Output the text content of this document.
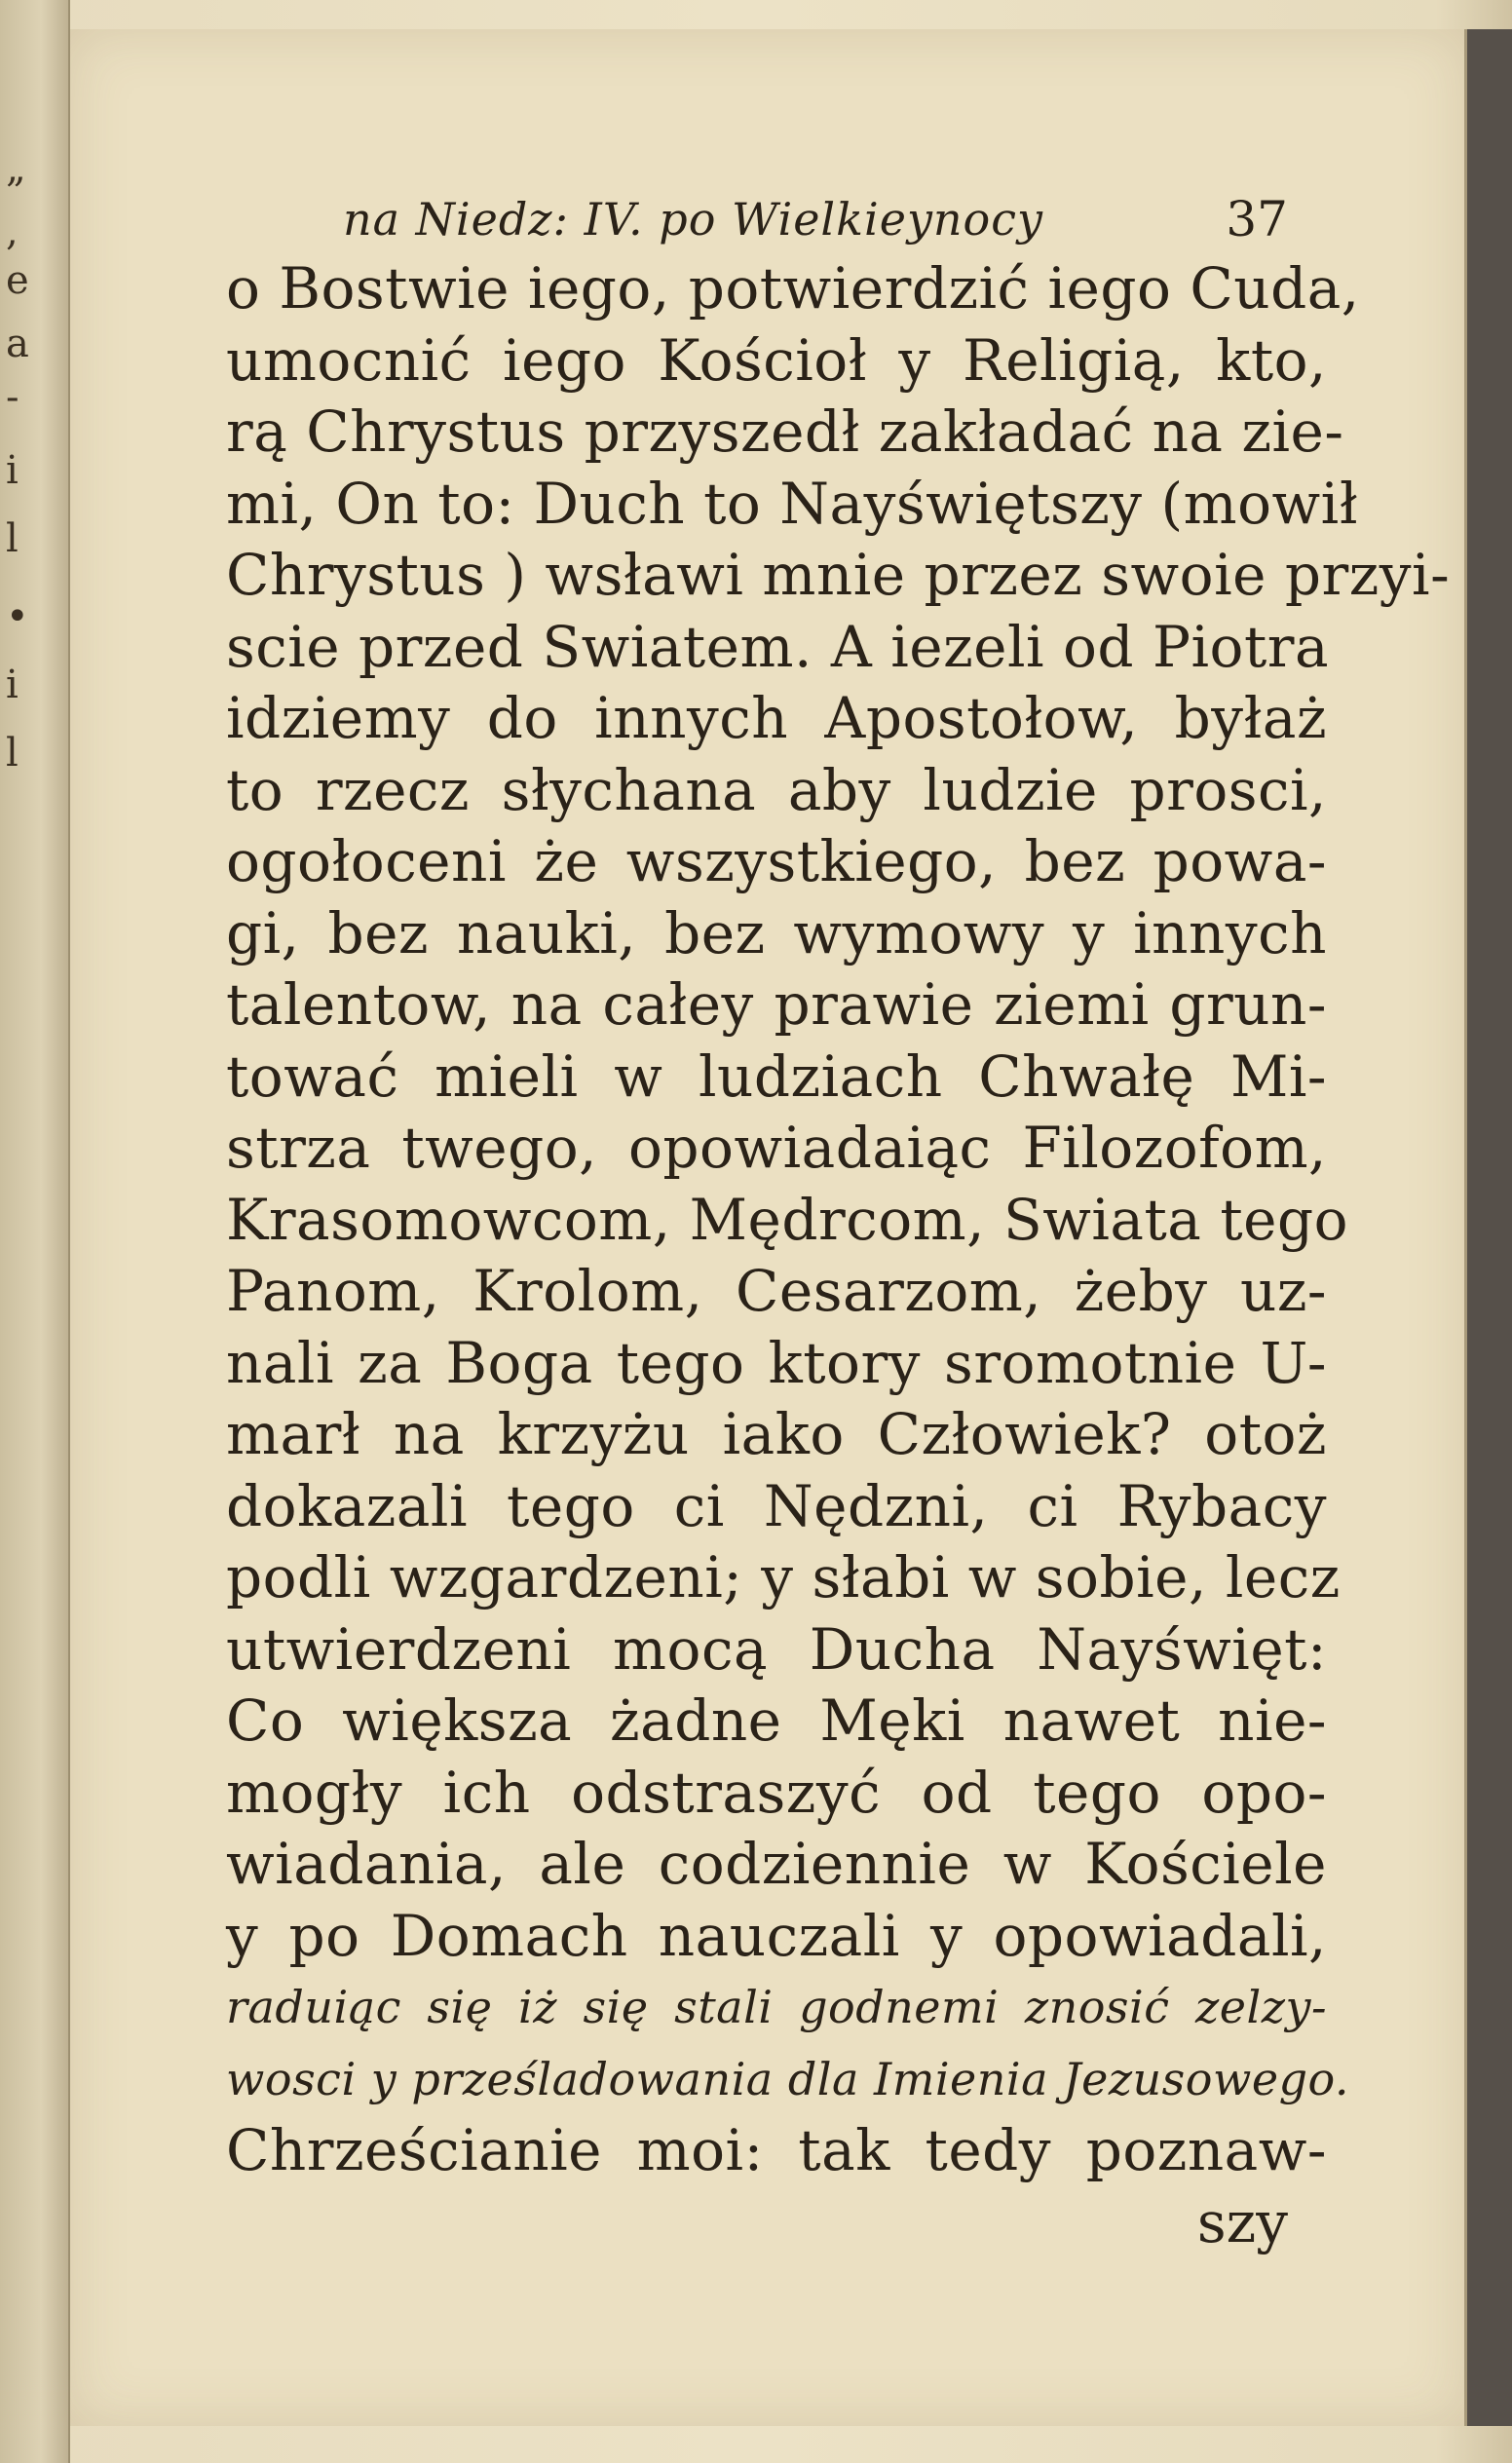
„
,
e
a
-
i
l
•
i
l
na Niedz: IV. po Wielkieynocy	37
o Bostwie iego, potwierdzić iego Cuda,
umocnić iego Kościoł y Religią, kto,
rą Chrystus przyszedł zakładać na zie-
mi, On to: Duch to Nayświętszy (mowił
Chrystus ) wsławi mnie przez swoie przyi-
scie przed Swiatem. A iezeli od Piotra
idziemy do innych Apostołow, byłaż
to rzecz słychana aby ludzie prosci,
ogołoceni że wszystkiego, bez powa-
gi, bez nauki, bez wymowy y innych
talentow, na całey prawie ziemi grun-
tować mieli w ludziach Chwałę Mi-
strza twego, opowiadaiąc Filozofom,
Krasomowcom, Mędrcom, Swiata tego
Panom, Krolom, Cesarzom, żeby uz-
nali za Boga tego ktory sromotnie U-
marł na krzyżu iako Człowiek? otoż
dokazali tego ci Nędzni, ci Rybacy
podli wzgardzeni; y słabi w sobie, lecz
utwierdzeni mocą Ducha Nayświęt:
Co większa żadne Męki nawet nie-
mogły ich odstraszyć od tego opo-
wiadania, ale codziennie w Kościele
y po Domach nauczali y opowiadali,
raduiąc się iż się stali godnemi znosić zelzy-
wosci y prześladowania dla Imienia Jezusowego.
Chrześcianie moi: tak tedy poznaw-
szy
